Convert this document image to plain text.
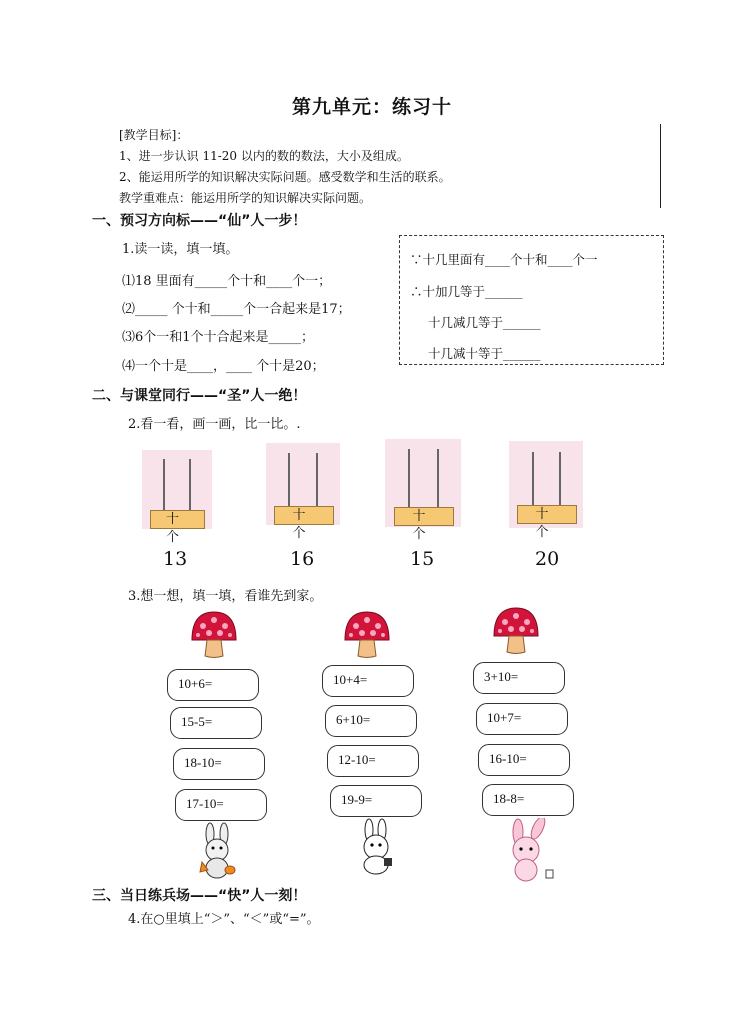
第九单元：练习十
[教学目标]：
1、进一步认识 11-20 以内的数的数法，大小及组成。
2、能运用所学的知识解决实际问题。感受数学和生活的联系。
教学重难点：能运用所学的知识解决实际问题。
一、预习方向标——“仙”人一步！
1.读一读，填一填。
⑴18 里面有_____个十和____个一；
⑵_____ 个十和_____个一合起来是17；
⑶6个一和1个十合起来是_____；
⑷一个十是____，____ 个十是20；
∵十几里面有____个十和____个一
∴十加几等于______
十几减几等于______
十几减十等于______
二、与课堂同行——“圣”人一绝！
2.看一看，画一画，比一比。.
十 个
十 个
十 个
十 个
13	16	15	20
3.想一想，填一填，看谁先到家。
10+6=
15-5=
18-10=
17-10=
10+4=
6+10=
12-10=
19-9=
3+10=
10+7=
16-10=
18-8=
三、当日练兵场——“快”人一刻！
4.在○里填上“＞”、“＜”或“=”。
